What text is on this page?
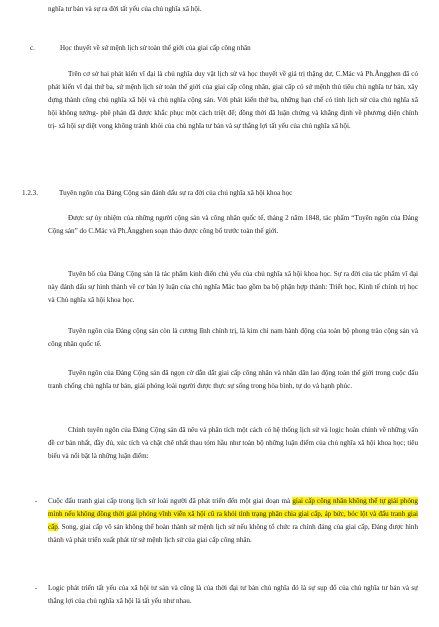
nghĩa tư bản và sự ra đời tất yếu của chủ nghĩa xã hội.

c.	Học thuyết về sứ mệnh lịch sử toàn thế giới của giai cấp công nhân

Trên cơ sở hai phát kiến vĩ đại là chủ nghĩa duy vật lịch sử và học thuyết về giá trị thặng dư, C.Mác và Ph.Ăngghen đã có phát kiến vĩ đại thứ ba, sứ mệnh lịch sử toàn thế giới của giai cấp công nhân, giai cấp có sứ mệnh thủ tiêu chủ nghĩa tư bản, xây dựng thành công chủ nghĩa xã hội và chủ nghĩa cộng sản. Với phát kiến thứ ba, những hạn chế có tính lịch sử của chủ nghĩa xã hội không tưởng- phê phán đã được khắc phục một cách triệt để; đồng thời đã luận chứng và khẳng định về phương diện chính trị- xã hội sự diệt vong không tránh khỏi của chủ nghĩa tư bản và sự thắng lợi tất yếu của chủ nghĩa xã hội.

1.2.3.	Tuyên ngôn của Đảng Cộng sản đánh dấu sự ra đời của chủ nghĩa xã hội khoa học

Được sự ủy nhiệm của những người cộng sản và công nhân quốc tế, tháng 2 năm 1848, tác phẩm “Tuyên ngôn của Đảng Cộng sản” do C.Mác và Ph.Ăngghen soạn thảo được công bố trước toàn thế giới.

Tuyên bố của Đảng Cộng sản là tác phẩm kinh điển chủ yếu của chủ nghĩa xã hội khoa học. Sự ra đời của tác phẩm vĩ đại này đánh dấu sự hình thành về cơ bản lý luận của chủ nghĩa Mác bao gồm ba bộ phận hợp thành: Triết học, Kinh tế chính trị học và Chủ nghĩa xã hội khoa học.

Tuyên ngôn của Đảng cộng sản còn là cương lĩnh chính trị, là kim chỉ nam hành động của toàn bộ phong trào cộng sản và công nhân quốc tế.

Tuyên ngôn của Đảng Cộng sản đã ngọn cờ dẫn dắt giai cấp công nhân và nhân dân lao động toàn thế giới trong cuộc đấu tranh chống chủ nghĩa tư bản, giải phóng loài người được thực sự sống trong hòa bình, tự do và hạnh phúc.

Chính tuyên ngôn của Đảng Cộng sản đã nêu và phân tích một cách có hệ thống lịch sử và logic hoàn chỉnh về những vấn đề cơ bản nhất, đầy đủ, xúc tích và chặt chẽ nhất thau tóm hầu như toàn bộ những luận điểm của chủ nghĩa xã hội khoa học; tiêu biểu và nổi bật là những luận điểm:

- Cuộc đấu tranh giai cấp trong lịch sử loài người đã phát triển đến một giai đoạn mà giai cấp công nhân không thể tự giải phóng mình nếu không đồng thời giải phóng vĩnh viễn xã hội cũ ra khỏi tình trạng phân chia giai cấp, áp bức, bóc lột và đấu tranh giai cấp. Song, giai cấp vô sản không thể hoàn thành sứ mệnh lịch sử nếu không tổ chức ra chính đảng của giai cấp, Đảng được hình thành và phát triển xuất phát từ sứ mệnh lịch sử của giai cấp công nhân.

- Logic phát triển tất yếu của xã hội tư sản và cũng là của thời đại tư bản chủ nghĩa đó là sự sụp đổ của chủ nghĩa tư bản và sự thắng lợi của chủ nghĩa xã hội là tất yếu như nhau.
